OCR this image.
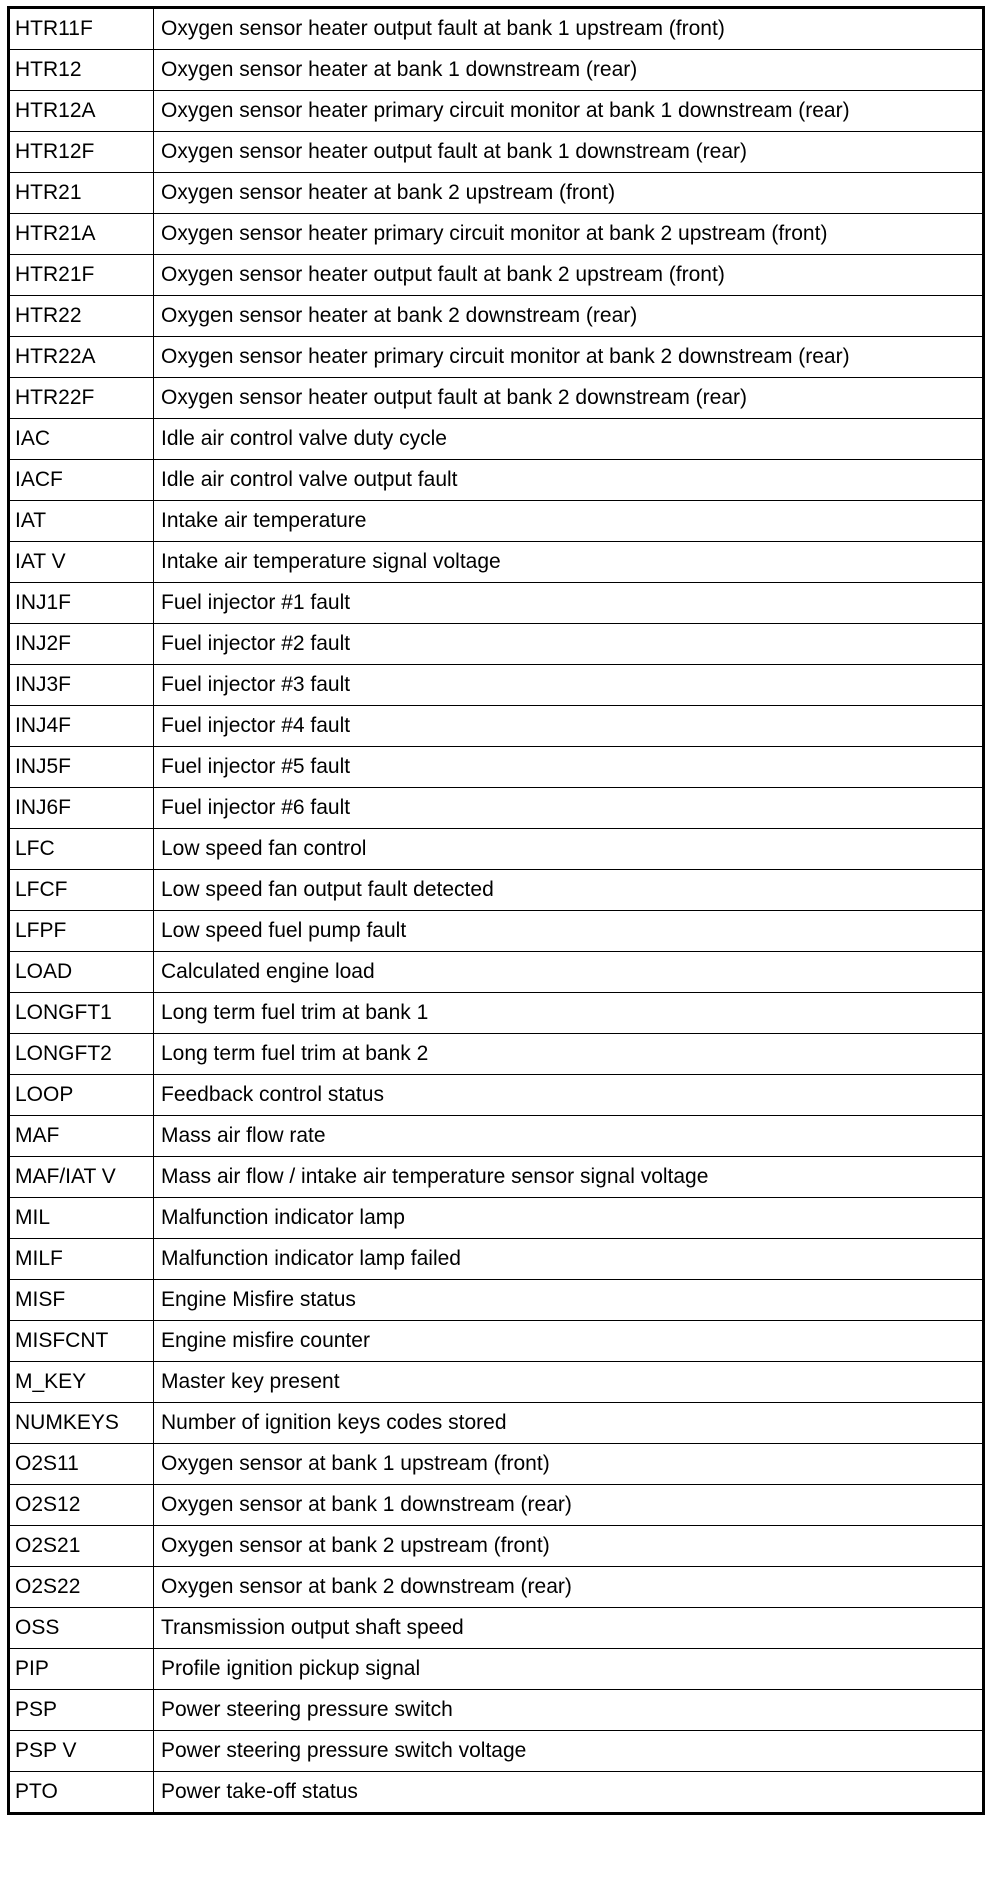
HTR11F	Oxygen sensor heater output fault at bank 1 upstream (front)
HTR12	Oxygen sensor heater at bank 1 downstream (rear)
HTR12A	Oxygen sensor heater primary circuit monitor at bank 1 downstream (rear)
HTR12F	Oxygen sensor heater output fault at bank 1 downstream (rear)
HTR21	Oxygen sensor heater at bank 2 upstream (front)
HTR21A	Oxygen sensor heater primary circuit monitor at bank 2 upstream (front)
HTR21F	Oxygen sensor heater output fault at bank 2 upstream (front)
HTR22	Oxygen sensor heater at bank 2 downstream (rear)
HTR22A	Oxygen sensor heater primary circuit monitor at bank 2 downstream (rear)
HTR22F	Oxygen sensor heater output fault at bank 2 downstream (rear)
IAC	Idle air control valve duty cycle
IACF	Idle air control valve output fault
IAT	Intake air temperature
IAT V	Intake air temperature signal voltage
INJ1F	Fuel injector #1 fault
INJ2F	Fuel injector #2 fault
INJ3F	Fuel injector #3 fault
INJ4F	Fuel injector #4 fault
INJ5F	Fuel injector #5 fault
INJ6F	Fuel injector #6 fault
LFC	Low speed fan control
LFCF	Low speed fan output fault detected
LFPF	Low speed fuel pump fault
LOAD	Calculated engine load
LONGFT1	Long term fuel trim at bank 1
LONGFT2	Long term fuel trim at bank 2
LOOP	Feedback control status
MAF	Mass air flow rate
MAF/IAT V	Mass air flow / intake air temperature sensor signal voltage
MIL	Malfunction indicator lamp
MILF	Malfunction indicator lamp failed
MISF	Engine Misfire status
MISFCNT	Engine misfire counter
M_KEY	Master key present
NUMKEYS	Number of ignition keys codes stored
O2S11	Oxygen sensor at bank 1 upstream (front)
O2S12	Oxygen sensor at bank 1 downstream (rear)
O2S21	Oxygen sensor at bank 2 upstream (front)
O2S22	Oxygen sensor at bank 2 downstream (rear)
OSS	Transmission output shaft speed
PIP	Profile ignition pickup signal
PSP	Power steering pressure switch
PSP V	Power steering pressure switch voltage
PTO	Power take-off status
